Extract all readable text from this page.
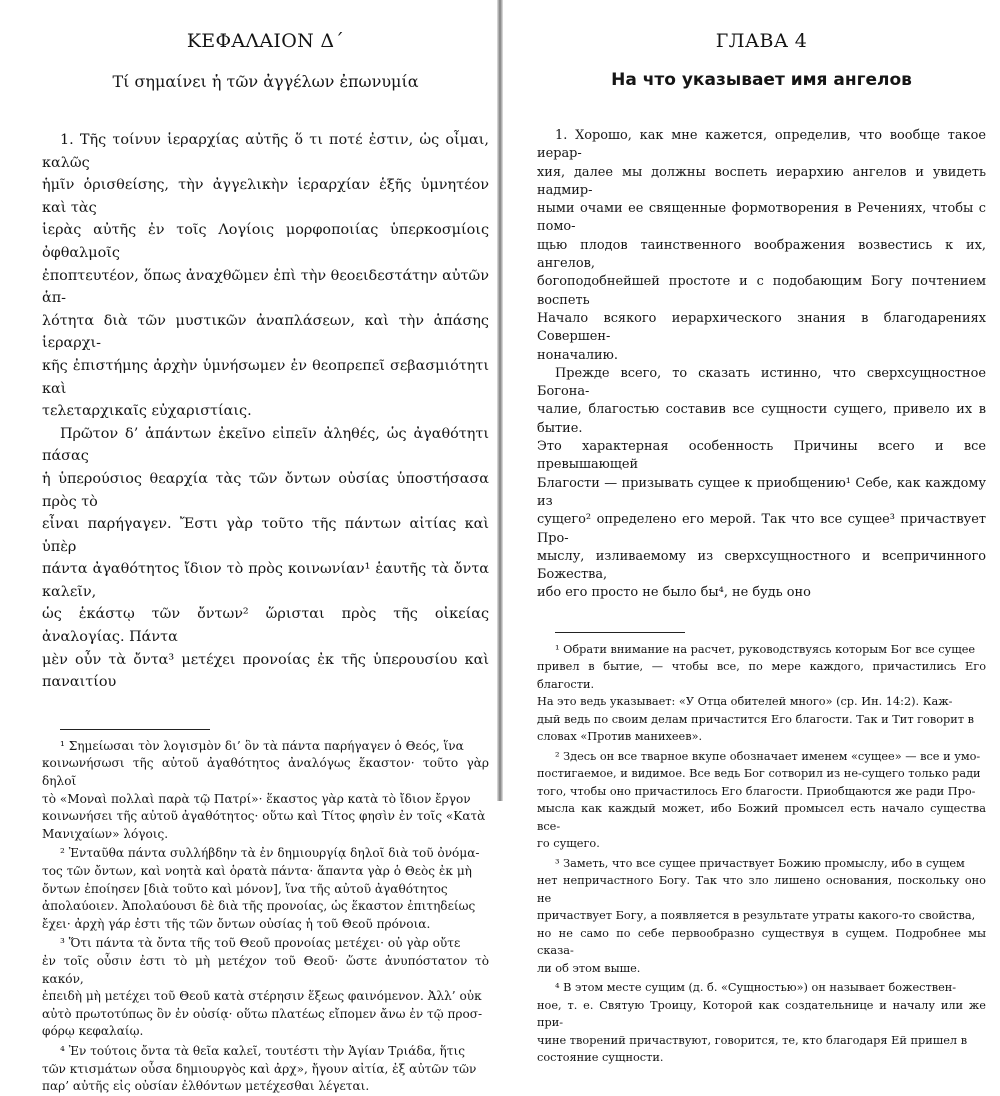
ΚΕΦΑΛΑΙΟΝ Δ΄
Τί σημαίνει ἡ τῶν ἀγγέλων ἐπωνυμία

1. Τῆς τοίνυν ἱεραρχίας αὐτῆς ὅ τι ποτέ ἐστιν, ὡς οἶμαι, καλῶς
ἡμῖν ὁρισθείσης, τὴν ἀγγελικὴν ἱεραρχίαν ἑξῆς ὑμνητέον καὶ τὰς
ἱερὰς αὐτῆς ἐν τοῖς Λογίοις μορφοποιίας ὑπερκοσμίοις ὀφθαλμοῖς
ἐποπτευτέον, ὅπως ἀναχθῶμεν ἐπὶ τὴν θεοειδεστάτην αὐτῶν ἁπ-
λότητα διὰ τῶν μυστικῶν ἀναπλάσεων, καὶ τὴν ἁπάσης ἱεραρχι-
κῆς ἐπιστήμης ἀρχὴν ὑμνήσωμεν ἐν θεοπρεπεῖ σεβασμιότητι καὶ
τελεταρχικαῖς εὐχαριστίαις.

Πρῶτον δ’ ἁπάντων ἐκεῖνο εἰπεῖν ἀληθές, ὡς ἀγαθότητι πάσας
ἡ ὑπερούσιος θεαρχία τὰς τῶν ὄντων οὐσίας ὑποστήσασα πρὸς τὸ
εἶναι παρήγαγεν. Ἔστι γὰρ τοῦτο τῆς πάντων αἰτίας καὶ ὑπὲρ
πάντα ἀγαθότητος ἴδιον τὸ πρὸς κοινωνίαν¹ ἑαυτῆς τὰ ὄντα καλεῖν,
ὡς ἑκάστῳ τῶν ὄντων² ὥρισται πρὸς τῆς οἰκείας ἀναλογίας. Πάντα
μὲν οὖν τὰ ὄντα³ μετέχει προνοίας ἐκ τῆς ὑπερουσίου καὶ παναιτίου

¹ Σημείωσαι τὸν λογισμὸν δι’ ὃν τὰ πάντα παρήγαγεν ὁ Θεός, ἵνα
κοινωνήσωσι τῆς αὐτοῦ ἀγαθότητος ἀναλόγως ἕκαστον· τοῦτο γὰρ δηλοῖ
τὸ «Μοναὶ πολλαὶ παρὰ τῷ Πατρί»· ἕκαστος γὰρ κατὰ τὸ ἴδιον ἔργον
κοινωνήσει τῆς αὐτοῦ ἀγαθότητος· οὕτω καὶ Τίτος φησὶν ἐν τοῖς «Κατὰ
Μανιχαίων» λόγοις.

² Ἐνταῦθα πάντα συλλήβδην τὰ ἐν δημιουργίᾳ δηλοῖ διὰ τοῦ ὀνόμα-
τος τῶν ὄντων, καὶ νοητὰ καὶ ὁρατὰ πάντα· ἅπαντα γὰρ ὁ Θεὸς ἐκ μὴ
ὄντων ἐποίησεν [διὰ τοῦτο καὶ μόνον], ἵνα τῆς αὐτοῦ ἀγαθότητος
ἀπολαύοιεν. Ἀπολαύουσι δὲ διὰ τῆς προνοίας, ὡς ἕκαστον ἐπιτηδείως
ἔχει· ἀρχὴ γάρ ἐστι τῆς τῶν ὄντων οὐσίας ἡ τοῦ Θεοῦ πρόνοια.

³ Ὅτι πάντα τὰ ὄντα τῆς τοῦ Θεοῦ προνοίας μετέχει· οὐ γὰρ οὔτε
ἐν τοῖς οὖσιν ἐστι τὸ μὴ μετέχον τοῦ Θεοῦ· ὥστε ἀνυπόστατον τὸ κακόν,
ἐπειδὴ μὴ μετέχει τοῦ Θεοῦ κατὰ στέρησιν ἕξεως φαινόμενον. Ἀλλ’ οὐκ
αὐτὸ πρωτοτύπως ὂν ἐν οὐσίᾳ· οὕτω πλατέως εἴπομεν ἄνω ἐν τῷ προσ-
φόρῳ κεφαλαίῳ.

⁴ Ἐν τούτοις ὄντα τὰ θεῖα καλεῖ, τουτέστι τὴν Ἁγίαν Τριάδα, ἥτις
τῶν κτισμάτων οὖσα δημιουργὸς καὶ ἀρχ», ἤγουν αἰτία, ἐξ αὐτῶν τῶν
παρ’ αὐτῆς εἰς οὐσίαν ἐλθόντων μετέχεσθαι λέγεται.

ГЛАВА 4
На что указывает имя ангелов

1. Хорошо, как мне кажется, определив, что вообще такое иерар-
хия, далее мы должны воспеть иерархию ангелов и увидеть надмир-
ными очами ее священные формотворения в Речениях, чтобы с помо-
щью плодов таинственного воображения возвестись к их, ангелов,
богоподобнейшей простоте и с подобающим Богу почтением воспеть
Начало всякого иерархического знания в благодарениях Совершен-
ноначалию.

Прежде всего, то сказать истинно, что сверхсущностное Богона-
чалие, благостью составив все сущности сущего, привело их в бытие.
Это характерная особенность Причины всего и все превышающей
Благости — призывать сущее к приобщению¹ Себе, как каждому из
сущего² определено его мерой. Так что все сущее³ причаствует Про-
мыслу, изливаемому из сверхсущностного и всепричинного Божества,
ибо его просто не было бы⁴, не будь оно

¹ Обрати внимание на расчет, руководствуясь которым Бог все сущее
привел в бытие, — чтобы все, по мере каждого, причастились Его благости.
На это ведь указывает: «У Отца обителей много» (ср. Ин. 14:2). Каж-
дый ведь по своим делам причастится Его благости. Так и Тит говорит в
словах «Против манихеев».

² Здесь он все тварное вкупе обозначает именем «сущее» — все и умо-
постигаемое, и видимое. Все ведь Бог сотворил из не-сущего только ради
того, чтобы оно причастилось Его благости. Приобщаются же ради Про-
мысла как каждый может, ибо Божий промысел есть начало существа все-
го сущего.

³ Заметь, что все сущее причаствует Божию промыслу, ибо в сущем
нет непричастного Богу. Так что зло лишено основания, поскольку оно не
причаствует Богу, а появляется в результате утраты какого-то свойства,
но не само по себе первообразно существуя в сущем. Подробнее мы сказа-
ли об этом выше.

⁴ В этом месте сущим (д. б. «Сущностью») он называет божествен-
ное, т. е. Святую Троицу, Которой как создательнице и началу или же при-
чине творений причаствуют, говорится, те, кто благодаря Ей пришел в
состояние сущности.
